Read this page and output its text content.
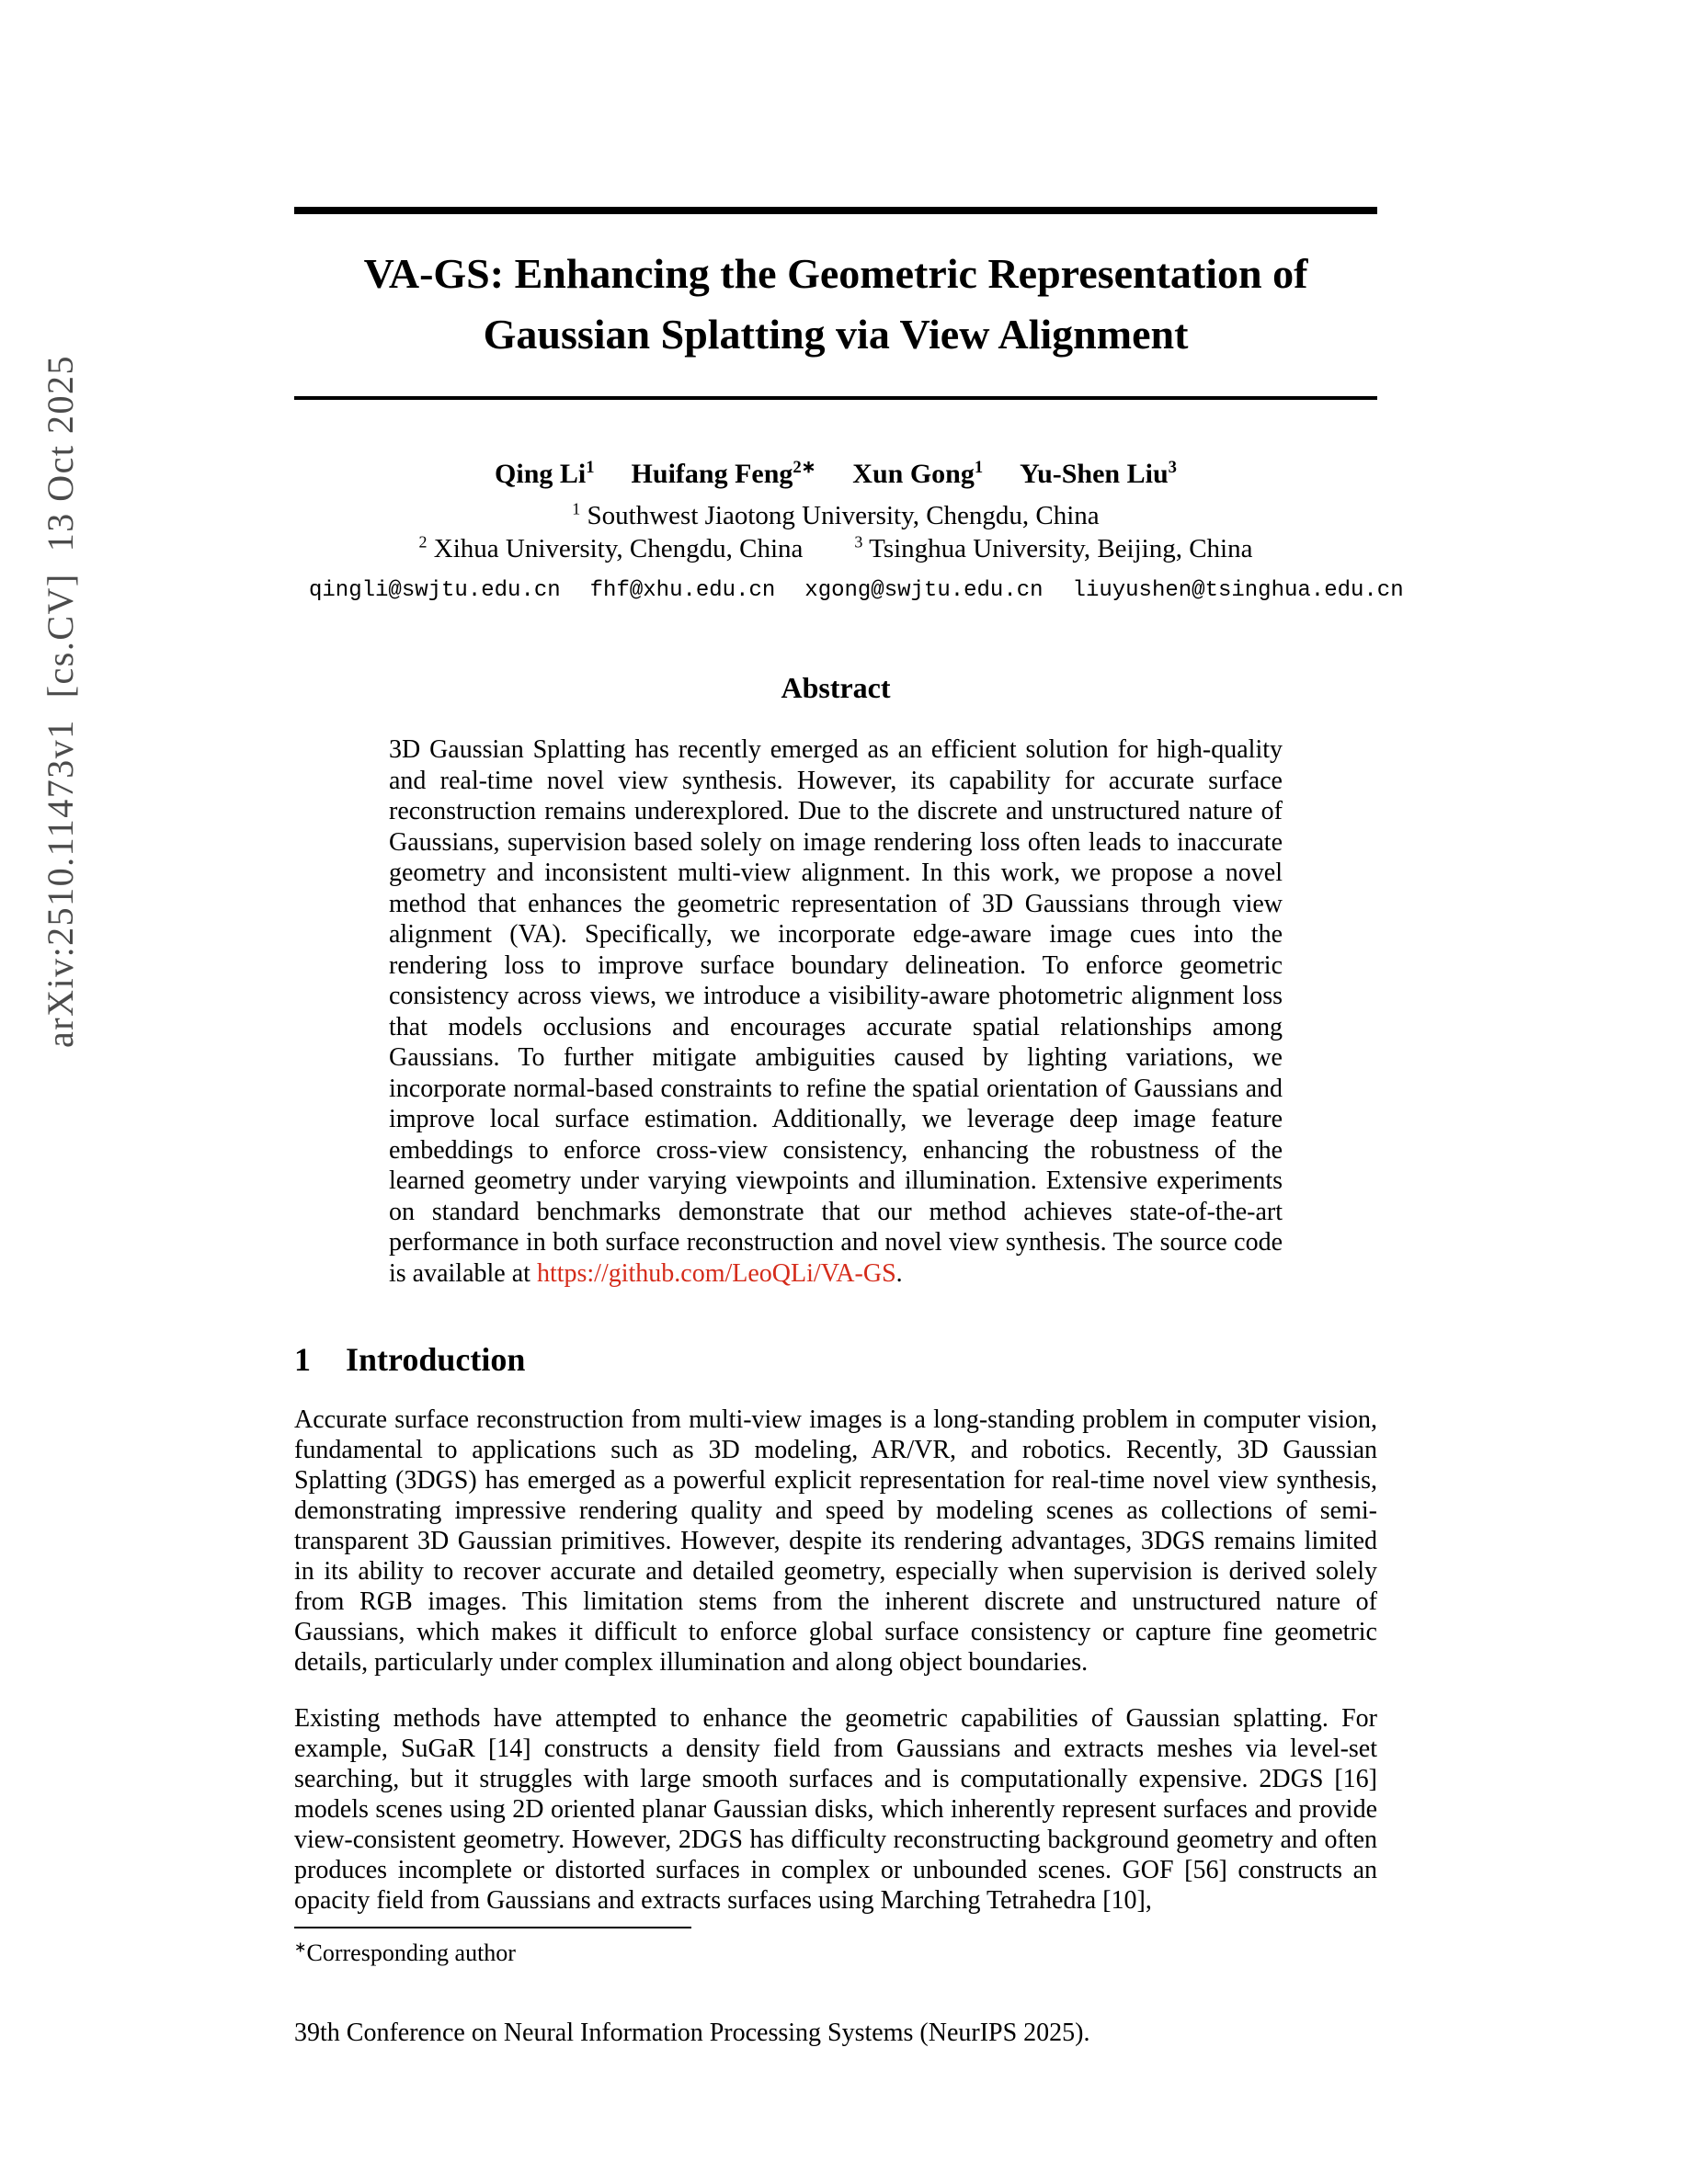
arXiv:2510.11473v1  [cs.CV]  13 Oct 2025
VA-GS: Enhancing the Geometric Representation of
Gaussian Splatting via View Alignment
Qing Li$^1$ Huifang Feng$^{2∗}$ Xun Gong$^1$ Yu-Shen Liu$^3$
$^1$ Southwest Jiaotong University, Chengdu, China
$^2$ Xihua University, Chengdu, China	$^3$ Tsinghua University, Beijing, China
qingli@swjtu.edu.cn fhf@xhu.edu.cn xgong@swjtu.edu.cn liuyushen@tsinghua.edu.cn
Abstract

3D Gaussian Splatting has recently emerged as an efficient solution for high-quality and real-time novel view synthesis. However, its capability for accurate surface reconstruction remains underexplored. Due to the discrete and unstructured nature of Gaussians, supervision based solely on image rendering loss often leads to inaccurate geometry and inconsistent multi-view alignment. In this work, we propose a novel method that enhances the geometric representation of 3D Gaussians through view alignment (VA). Specifically, we incorporate edge-aware image cues into the rendering loss to improve surface boundary delineation. To enforce geometric consistency across views, we introduce a visibility-aware photometric alignment loss that models occlusions and encourages accurate spatial relationships among Gaussians. To further mitigate ambiguities caused by lighting variations, we incorporate normal-based constraints to refine the spatial orientation of Gaussians and improve local surface estimation. Additionally, we leverage deep image feature embeddings to enforce cross-view consistency, enhancing the robustness of the learned geometry under varying viewpoints and illumination. Extensive experiments on standard benchmarks demonstrate that our method achieves state-of-the-art performance in both surface reconstruction and novel view synthesis. The source code is available at https://github.com/LeoQLi/VA-GS.

1 Introduction

Accurate surface reconstruction from multi-view images is a long-standing problem in computer vision, fundamental to applications such as 3D modeling, AR/VR, and robotics. Recently, 3D Gaussian Splatting (3DGS) has emerged as a powerful explicit representation for real-time novel view synthesis, demonstrating impressive rendering quality and speed by modeling scenes as collections of semi-transparent 3D Gaussian primitives. However, despite its rendering advantages, 3DGS remains limited in its ability to recover accurate and detailed geometry, especially when supervision is derived solely from RGB images. This limitation stems from the inherent discrete and unstructured nature of Gaussians, which makes it difficult to enforce global surface consistency or capture fine geometric details, particularly under complex illumination and along object boundaries.

Existing methods have attempted to enhance the geometric capabilities of Gaussian splatting. For example, SuGaR [14] constructs a density field from Gaussians and extracts meshes via level-set searching, but it struggles with large smooth surfaces and is computationally expensive. 2DGS [16] models scenes using 2D oriented planar Gaussian disks, which inherently represent surfaces and provide view-consistent geometry. However, 2DGS has difficulty reconstructing background geometry and often produces incomplete or distorted surfaces in complex or unbounded scenes. GOF [56] constructs an opacity field from Gaussians and extracts surfaces using Marching Tetrahedra [10],

∗Corresponding author
39th Conference on Neural Information Processing Systems (NeurIPS 2025).
